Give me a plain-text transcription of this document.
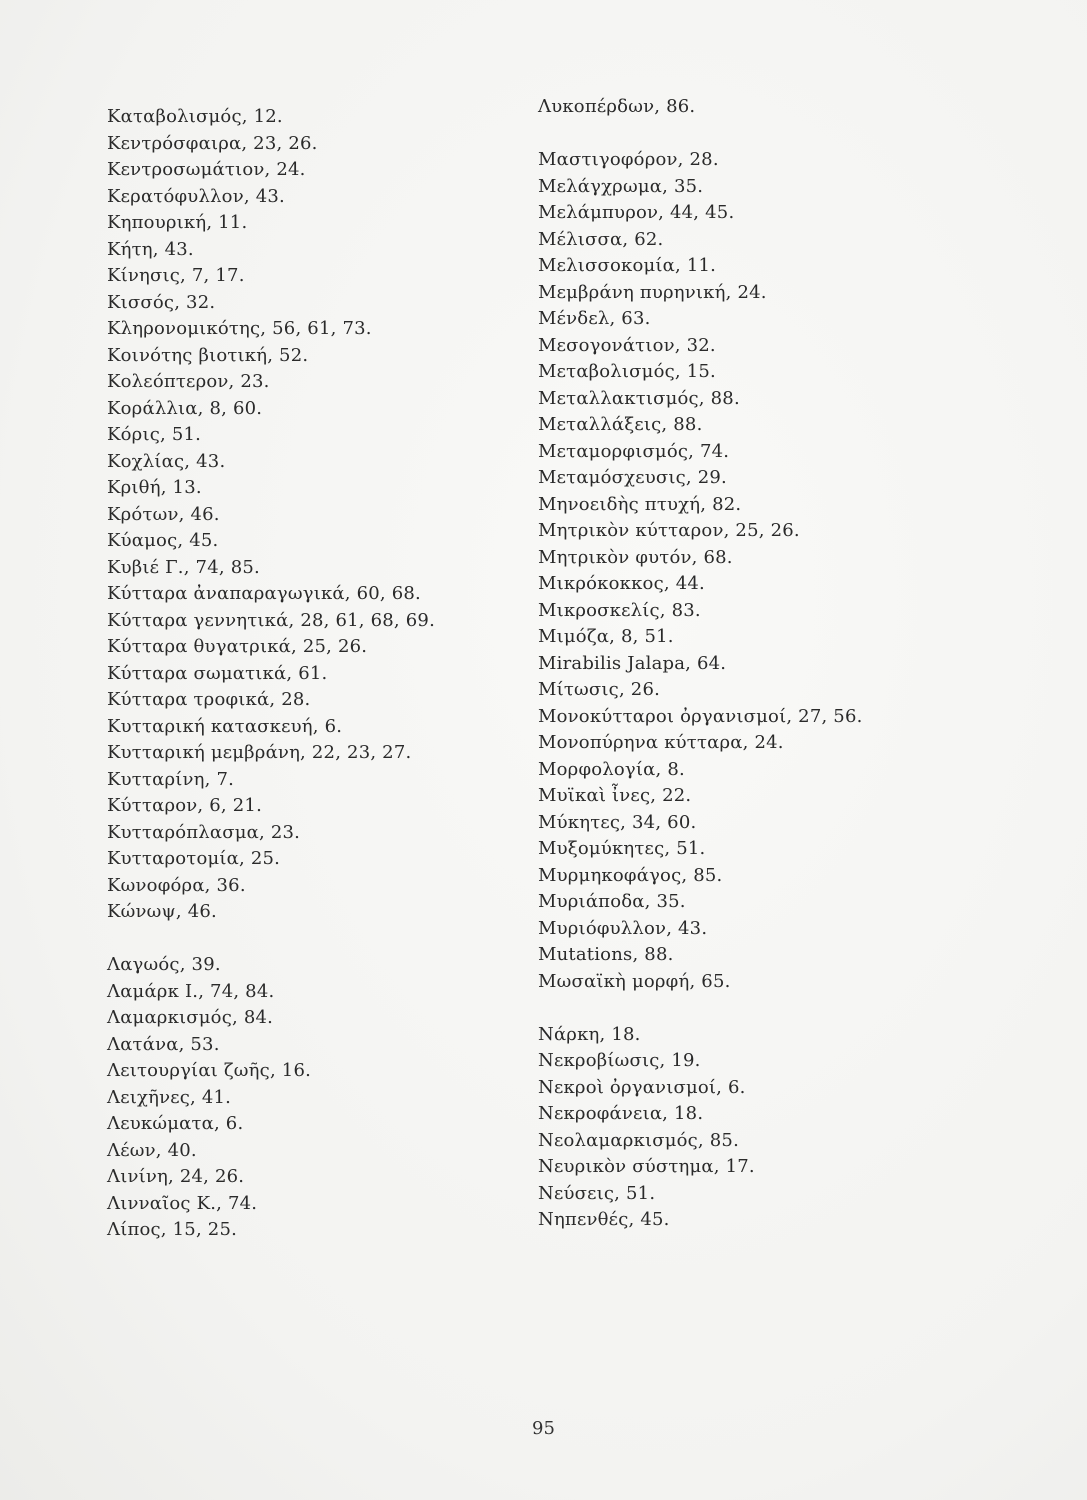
Καταβολισμός, 12.
Κεντρόσφαιρα, 23, 26.
Κεντροσωμάτιον, 24.
Κερατόφυλλον, 43.
Κηπουρική, 11.
Κήτη, 43.
Κίνησις, 7, 17.
Κισσός, 32.
Κληρονομικότης, 56, 61, 73.
Κοινότης βιοτική, 52.
Κολεόπτερον, 23.
Κοράλλια, 8, 60.
Κόρις, 51.
Κοχλίας, 43.
Κριθή, 13.
Κρότων, 46.
Κύαμος, 45.
Κυβιέ Γ., 74, 85.
Κύτταρα ἀναπαραγωγικά, 60, 68.
Κύτταρα γεννητικά, 28, 61, 68, 69.
Κύτταρα θυγατρικά, 25, 26.
Κύτταρα σωματικά, 61.
Κύτταρα τροφικά, 28.
Κυτταρική κατασκευή, 6.
Κυτταρική μεμβράνη, 22, 23, 27.
Κυτταρίνη, 7.
Κύτταρον, 6, 21.
Κυτταρόπλασμα, 23.
Κυτταροτομία, 25.
Κωνοφόρα, 36.
Κώνωψ, 46.
Λαγωός, 39.
Λαμάρκ Ι., 74, 84.
Λαμαρκισμός, 84.
Λατάνα, 53.
Λειτουργίαι ζωῆς, 16.
Λειχῆνες, 41.
Λευκώματα, 6.
Λέων, 40.
Λινίνη, 24, 26.
Λινναῖος Κ., 74.
Λίπος, 15, 25.
Λυκοπέρδων, 86.
Μαστιγοφόρον, 28.
Μελάγχρωμα, 35.
Μελάμπυρον, 44, 45.
Μέλισσα, 62.
Μελισσοκομία, 11.
Μεμβράνη πυρηνική, 24.
Μένδελ, 63.
Μεσογονάτιον, 32.
Μεταβολισμός, 15.
Μεταλλακτισμός, 88.
Μεταλλάξεις, 88.
Μεταμορφισμός, 74.
Μεταμόσχευσις, 29.
Μηνοειδὴς πτυχή, 82.
Μητρικὸν κύτταρον, 25, 26.
Μητρικὸν φυτόν, 68.
Μικρόκοκκος, 44.
Μικροσκελίς, 83.
Μιμόζα, 8, 51.
Mirabilis Jalapa, 64.
Μίτωσις, 26.
Μονοκύτταροι ὀργανισμοί, 27, 56.
Μονοπύρηνα κύτταρα, 24.
Μορφολογία, 8.
Μυϊκαὶ ἶνες, 22.
Μύκητες, 34, 60.
Μυξομύκητες, 51.
Μυρμηκοφάγος, 85.
Μυριάποδα, 35.
Μυριόφυλλον, 43.
Mutations, 88.
Μωσαϊκὴ μορφή, 65.
Νάρκη, 18.
Νεκροβίωσις, 19.
Νεκροὶ ὀργανισμοί, 6.
Νεκροφάνεια, 18.
Νεολαμαρκισμός, 85.
Νευρικὸν σύστημα, 17.
Νεύσεις, 51.
Νηπενθές, 45.
95
